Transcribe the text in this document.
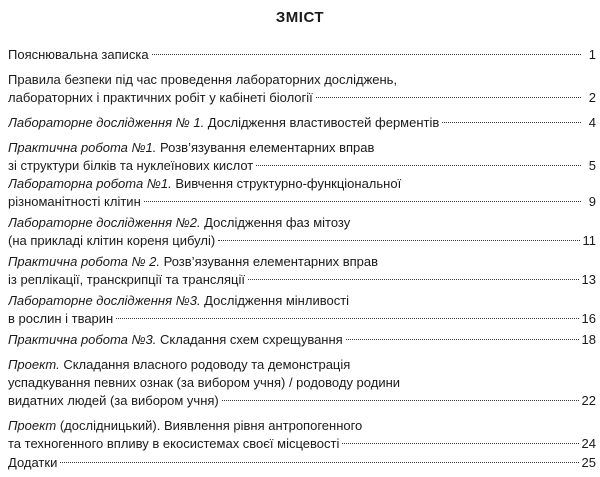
ЗМІСТ
Пояснювальна записка	1
Правила безпеки під час проведення лабораторних досліджень,
лабораторних і практичних робіт у кабінеті біології	2
Лабораторне дослідження № 1. Дослідження властивостей ферментів	4
Практична робота №1. Розв’язування елементарних вправ
зі структури білків та нуклеїнових кислот	5
Лабораторна робота №1. Вивчення структурно-функціональної
різноманітності клітин	9
Лабораторне дослідження №2. Дослідження фаз мітозу
(на прикладі клітин кореня цибулі)	11
Практична робота № 2. Розв’язування елементарних вправ
із реплікації, транскрипції та трансляції	13
Лабораторне дослідження №3. Дослідження мінливості
в рослин і тварин	16
Практична робота №3. Складання схем схрещування	18
Проект. Складання власного родоводу та демонстрація
успадкування певних ознак (за вибором учня) / родоводу родини
видатних людей (за вибором учня)	22
Проект (дослідницький). Виявлення рівня антропогенного
та техногенного впливу в екосистемах своєї місцевості	24
Додатки	25
